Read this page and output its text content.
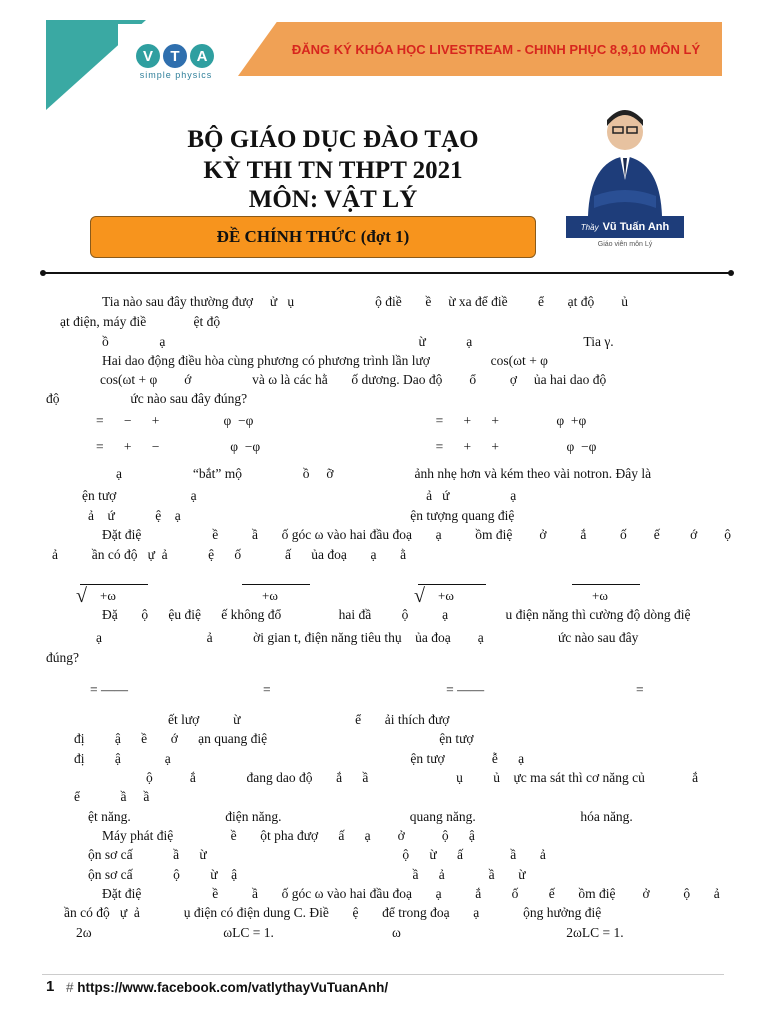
V	T	A
simple physics
ĐĂNG KÝ KHÓA HỌC LIVESTREAM - CHINH PHỤC 8,9,10 MÔN LÝ
BỘ GIÁO DỤC ĐÀO TẠO
KỲ THI TN THPT 2021
MÔN: VẬT LÝ
ĐỀ CHÍNH THỨC (đợt 1)	Thầy Vũ Tuấn Anh
Giáo viên môn Lý
Tia nào sau đây thường đượ     ử   ụ                        ộ điề       ề     ừ xa để điề         ể       ạt độ        ủ
ạt điện, máy điề              ệt độ
ồ               ạ                                                                           ừ            ạ                                 Tia γ.
Hai dao động điều hòa cùng phương có phương trình lần lượ                  cos(ωt + φ
cos(ωt + φ        ớ                  và ω là các hằ       ố dương. Dao độ        ổ          ợ     ủa hai dao độ
độ                     ức nào sau đây đúng?
=      −      +                   φ  −φ                                                      =      +      +                 φ  +φ
=      +      −                     φ  −φ                                                    =      +      +                    φ  −φ
ạ                     “bắt” mộ                  ồ     ỡ                        ảnh nhẹ hơn và kém theo vài notron. Đây là
ện tượ                      ạ                                                                    ả   ứ                  ạ
ả    ứ            ệ    ạ                                                                    ện tượng quang điệ
Đặt điệ                     ề          ầ       ố góc ω vào hai đầu đoạ       ạ          ồm điệ        ở          ắ          ố        ế         ớ        ộ
ả          ần có độ   ự  ả            ệ      ố             ấ      ủa đoạ       ạ       ằ
Đặ       ộ      ệu điệ      ế không đổ                 hai đầ         ộ          ạ                 u điện năng thì cường độ dòng điệ
ạ                               ả            ời gian t, điện năng tiêu thụ    ủa đoạ        ạ                      ức nào sau đây
đúng?
= ——                                        =                                                    = ——                                             =
ết lượ          ừ                                  ể       ải thích đượ
đị         ậ      ề       ớ      ạn quang điệ                                                   ện tượ
đị         ậ             ạ                                                                       ện tượ              ễ      ạ
ộ           ắ               đang dao độ       ắ      ầ                          ụ         ủ    ực ma sát thì cơ năng củ              ắ
ể            ầ     ầ
ệt năng.                            điện năng.                                      quang năng.                               hóa năng.
Máy phát điệ                 ề       ột pha đượ      ấ      ạ        ở           ộ      ậ
ộn sơ cấ            ầ      ừ                                                          ộ      ừ      ấ              ầ       ả
ộn sơ cấ            ộ         ừ    ậ                                                    ầ      ả             ầ       ừ
Đặt điệ                     ề          ầ       ố góc ω vào hai đầu đoạ       ạ          ắ         ố         ế       ồm điệ        ở          ộ       ả
ần có độ   ự  ả             ụ điện có điện dung C. Điề       ệ       để trong đoạ       ạ             ộng hưởng điệ
2ω                                       ωLC = 1.                                   ω                                                 2ωLC = 1.
√ +ω	+ω	√ +ω	+ω
1 # https://www.facebook.com/vatlythayVuTuanAnh/
